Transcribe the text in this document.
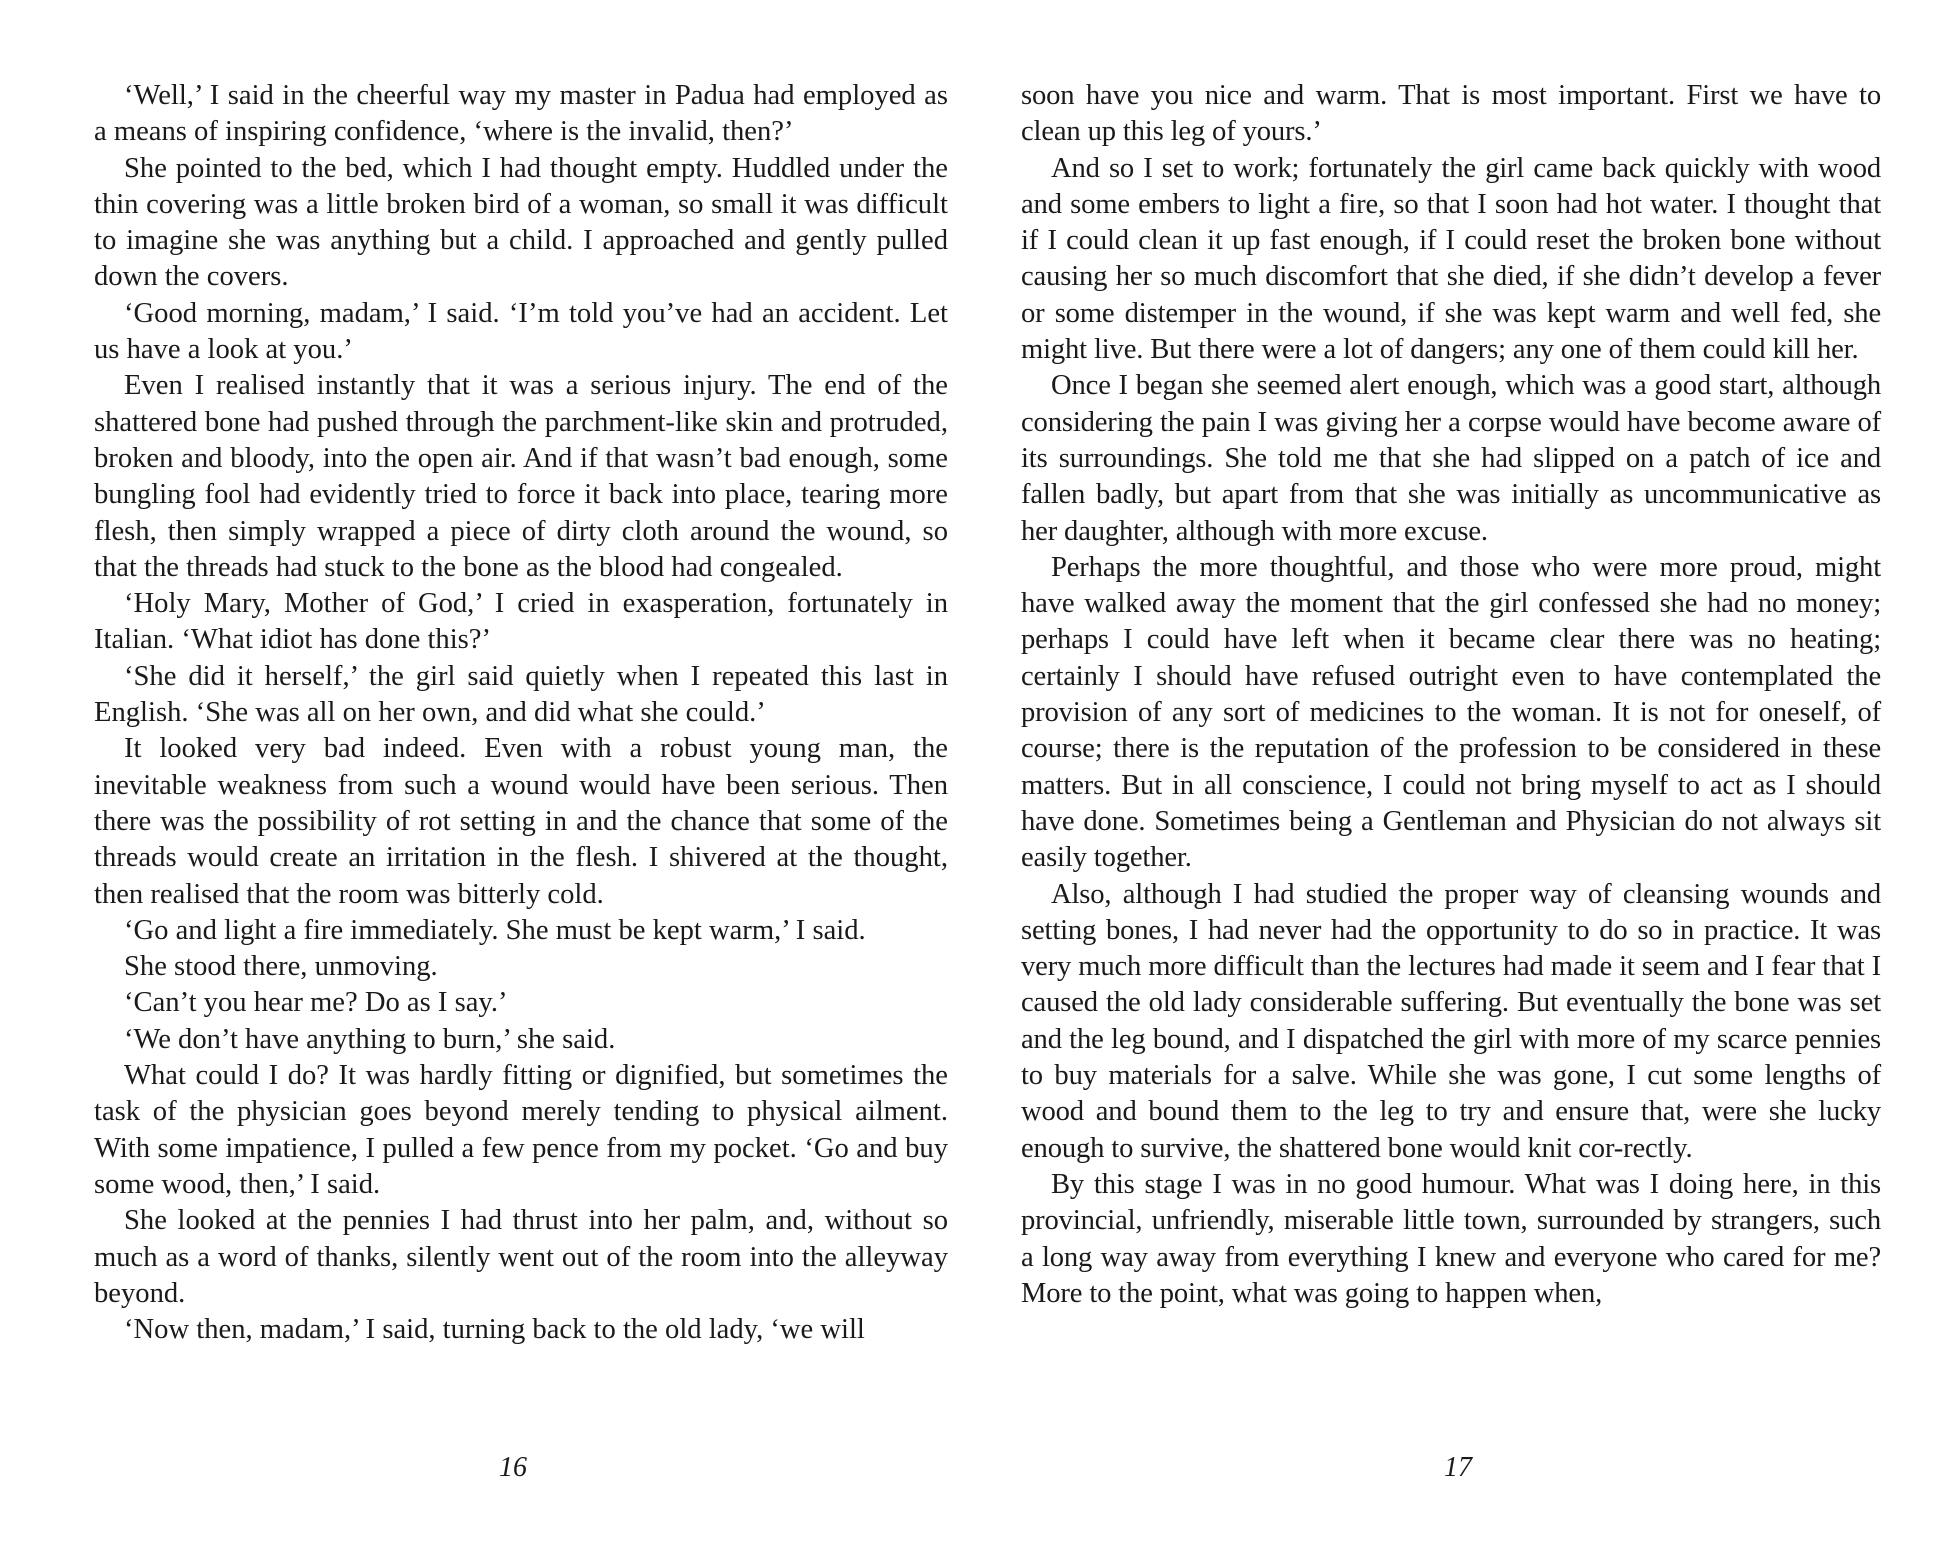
‘Well,’ I said in the cheerful way my master in Padua had employed as a means of inspiring confidence, ‘where is the invalid, then?’

She pointed to the bed, which I had thought empty. Huddled under the thin covering was a little broken bird of a woman, so small it was difficult to imagine she was anything but a child. I approached and gently pulled down the covers.

‘Good morning, madam,’ I said. ‘I’m told you’ve had an accident. Let us have a look at you.’

Even I realised instantly that it was a serious injury. The end of the shattered bone had pushed through the parchment-like skin and protruded, broken and bloody, into the open air. And if that wasn’t bad enough, some bungling fool had evidently tried to force it back into place, tearing more flesh, then simply wrapped a piece of dirty cloth around the wound, so that the threads had stuck to the bone as the blood had congealed.

‘Holy Mary, Mother of God,’ I cried in exasperation, fortunately in Italian. ‘What idiot has done this?’

‘She did it herself,’ the girl said quietly when I repeated this last in English. ‘She was all on her own, and did what she could.’

It looked very bad indeed. Even with a robust young man, the inevitable weakness from such a wound would have been serious. Then there was the possibility of rot setting in and the chance that some of the threads would create an irritation in the flesh. I shivered at the thought, then realised that the room was bitterly cold.

‘Go and light a fire immediately. She must be kept warm,’ I said.

She stood there, unmoving.

‘Can’t you hear me? Do as I say.’

‘We don’t have anything to burn,’ she said.

What could I do? It was hardly fitting or dignified, but sometimes the task of the physician goes beyond merely tending to physical ailment. With some impatience, I pulled a few pence from my pocket. ‘Go and buy some wood, then,’ I said.

She looked at the pennies I had thrust into her palm, and, without so much as a word of thanks, silently went out of the room into the alleyway beyond.

‘Now then, madam,’ I said, turning back to the old lady, ‘we will

16

soon have you nice and warm. That is most important. First we have to clean up this leg of yours.’

And so I set to work; fortunately the girl came back quickly with wood and some embers to light a fire, so that I soon had hot water. I thought that if I could clean it up fast enough, if I could reset the broken bone without causing her so much discomfort that she died, if she didn’t develop a fever or some distemper in the wound, if she was kept warm and well fed, she might live. But there were a lot of dangers; any one of them could kill her.

Once I began she seemed alert enough, which was a good start, although considering the pain I was giving her a corpse would have become aware of its surroundings. She told me that she had slipped on a patch of ice and fallen badly, but apart from that she was initially as uncommunicative as her daughter, although with more excuse.

Perhaps the more thoughtful, and those who were more proud, might have walked away the moment that the girl confessed she had no money; perhaps I could have left when it became clear there was no heating; certainly I should have refused outright even to have contemplated the provision of any sort of medicines to the woman. It is not for oneself, of course; there is the reputation of the profession to be considered in these matters. But in all conscience, I could not bring myself to act as I should have done. Sometimes being a Gentleman and Physician do not always sit easily together.

Also, although I had studied the proper way of cleansing wounds and setting bones, I had never had the opportunity to do so in practice. It was very much more difficult than the lectures had made it seem and I fear that I caused the old lady considerable suffering. But eventually the bone was set and the leg bound, and I dispatched the girl with more of my scarce pennies to buy materials for a salve. While she was gone, I cut some lengths of wood and bound them to the leg to try and ensure that, were she lucky enough to survive, the shattered bone would knit cor-rectly.

By this stage I was in no good humour. What was I doing here, in this provincial, unfriendly, miserable little town, surrounded by strangers, such a long way away from everything I knew and everyone who cared for me? More to the point, what was going to happen when,

17
